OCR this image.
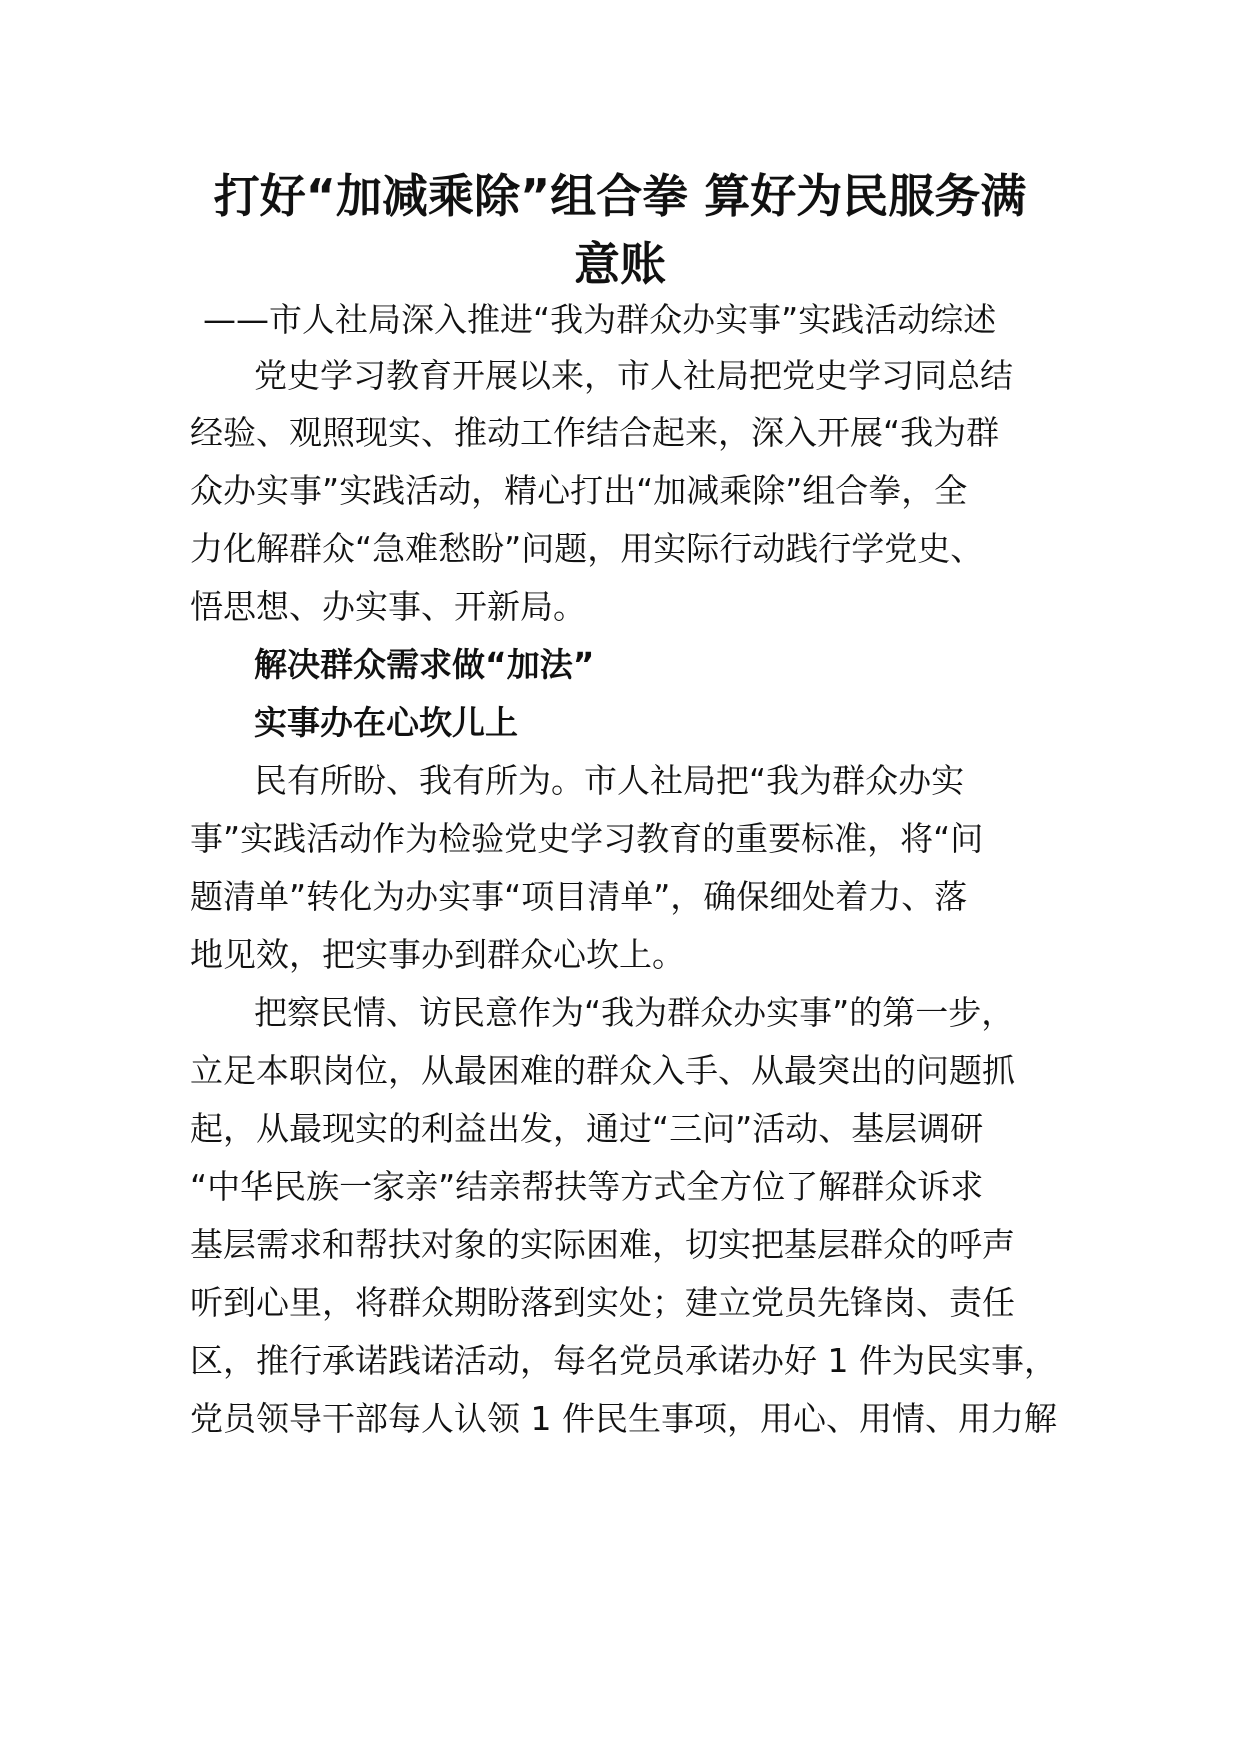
打好“加减乘除”组合拳 算好为民服务满
意账

——市人社局深入推进“我为群众办实事”实践活动综述

党史学习教育开展以来，市人社局把党史学习同总结

经验、观照现实、推动工作结合起来，深入开展“我为群

众办实事”实践活动，精心打出“加减乘除”组合拳，全

力化解群众“急难愁盼”问题，用实际行动践行学党史、

悟思想、办实事、开新局。

解决群众需求做“加法”

实事办在心坎儿上

民有所盼、我有所为。市人社局把“我为群众办实

事”实践活动作为检验党史学习教育的重要标准，将“问

题清单”转化为办实事“项目清单”，确保细处着力、落

地见效，把实事办到群众心坎上。

把察民情、访民意作为“我为群众办实事”的第一步，

立足本职岗位，从最困难的群众入手、从最突出的问题抓

起，从最现实的利益出发，通过“三问”活动、基层调研

“中华民族一家亲”结亲帮扶等方式全方位了解群众诉求

基层需求和帮扶对象的实际困难，切实把基层群众的呼声

听到心里，将群众期盼落到实处；建立党员先锋岗、责任

区，推行承诺践诺活动，每名党员承诺办好 1 件为民实事，

党员领导干部每人认领 1 件民生事项，用心、用情、用力解
